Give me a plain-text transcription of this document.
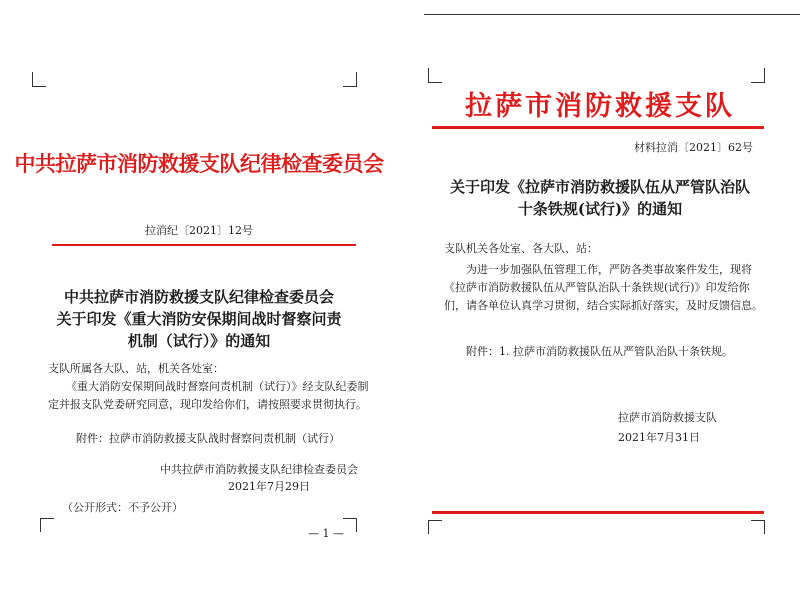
中共拉萨市消防救援支队纪律检查委员会
拉消纪〔2021〕12号
中共拉萨市消防救援支队纪律检查委员会
关于印发《重大消防安保期间战时督察问责
机制（试行）》的通知
支队所属各大队、站，机关各处室：
《重大消防安保期间战时督察问责机制（试行）》经支队纪委制
定并报支队党委研究同意，现印发给你们，请按照要求贯彻执行。
附件：拉萨市消防救援支队战时督察问责机制（试行）
中共拉萨市消防救援支队纪律检查委员会
2021年7月29日
（公开形式：不予公开）
— 1 —
拉萨市消防救援支队
材料拉消〔2021〕62号
关于印发《拉萨市消防救援队伍从严管队治队
十条铁规(试行)》的通知
支队机关各处室、各大队、站：
为进一步加强队伍管理工作，严防各类事故案件发生，现将
《拉萨市消防救援队伍从严管队治队十条铁规(试行)》印发给你
们，请各单位认真学习贯彻，结合实际抓好落实，及时反馈信息。
附件：1. 拉萨市消防救援队伍从严管队治队十条铁规。
拉萨市消防救援支队
2021年7月31日
